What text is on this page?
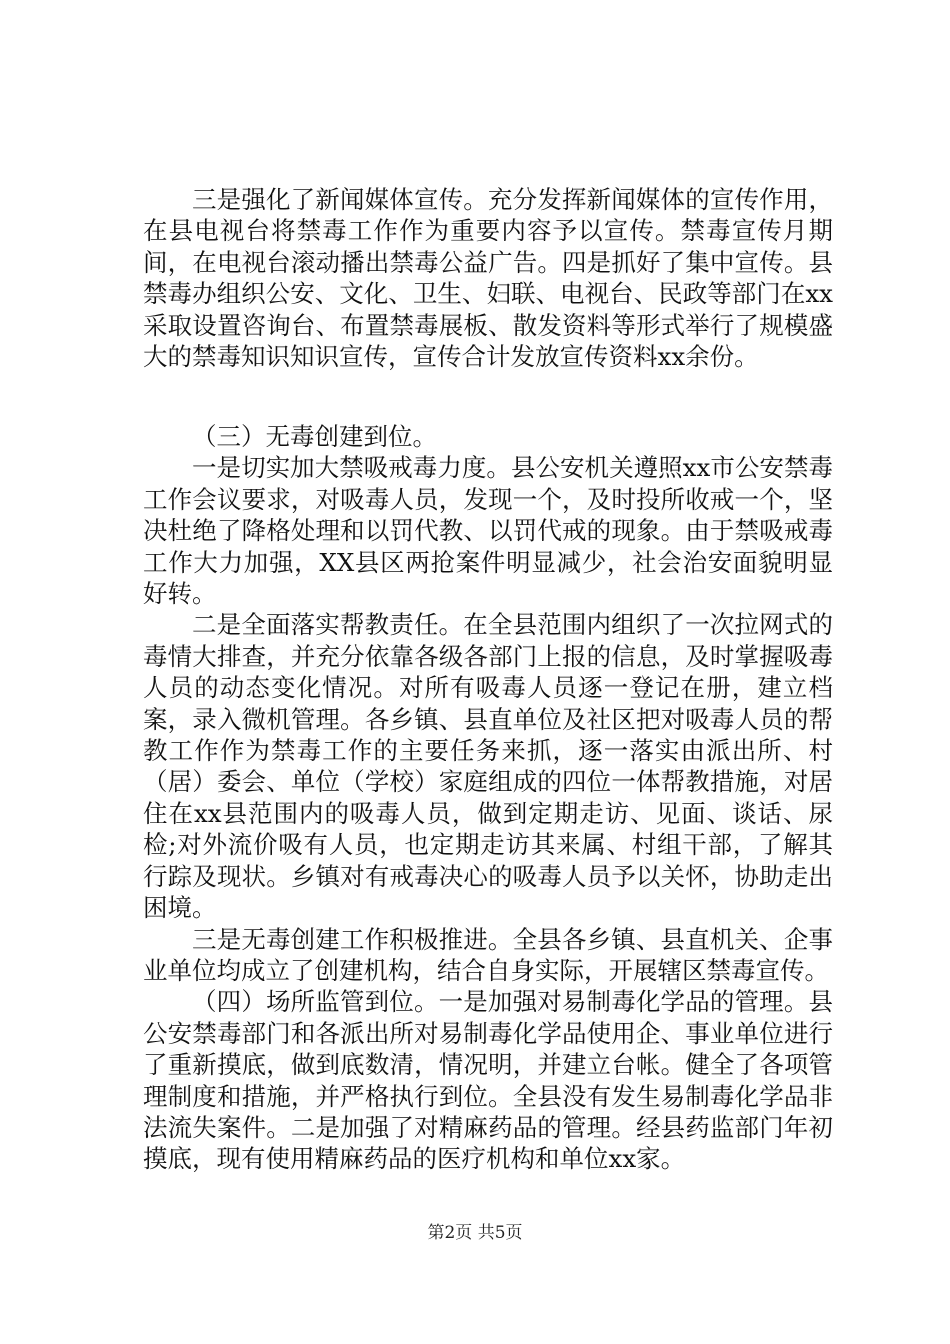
三是强化了新闻媒体宣传。充分发挥新闻媒体的宣传作用，在县电视台将禁毒工作作为重要内容予以宣传。禁毒宣传月期间，在电视台滚动播出禁毒公益广告。四是抓好了集中宣传。县禁毒办组织公安、文化、卫生、妇联、电视台、民政等部门在xx采取设置咨询台、布置禁毒展板、散发资料等形式举行了规模盛大的禁毒知识知识宣传，宣传合计发放宣传资料xx余份。

（三）无毒创建到位。

一是切实加大禁吸戒毒力度。县公安机关遵照xx市公安禁毒工作会议要求，对吸毒人员，发现一个，及时投所收戒一个，坚决杜绝了降格处理和以罚代教、以罚代戒的现象。由于禁吸戒毒工作大力加强，XX县区两抢案件明显减少，社会治安面貌明显好转。

二是全面落实帮教责任。在全县范围内组织了一次拉网式的毒情大排查，并充分依靠各级各部门上报的信息，及时掌握吸毒人员的动态变化情况。对所有吸毒人员逐一登记在册，建立档案，录入微机管理。各乡镇、县直单位及社区把对吸毒人员的帮教工作作为禁毒工作的主要任务来抓，逐一落实由派出所、村（居）委会、单位（学校）家庭组成的四位一体帮教措施，对居住在xx县范围内的吸毒人员，做到定期走访、见面、谈话、尿检;对外流价吸有人员，也定期走访其来属、村组干部，了解其行踪及现状。乡镇对有戒毒决心的吸毒人员予以关怀，协助走出困境。

三是无毒创建工作积极推进。全县各乡镇、县直机关、企事业单位均成立了创建机构，结合自身实际，开展辖区禁毒宣传。

（四）场所监管到位。一是加强对易制毒化学品的管理。县公安禁毒部门和各派出所对易制毒化学品使用企、事业单位进行了重新摸底，做到底数清，情况明，并建立台帐。健全了各项管理制度和措施，并严格执行到位。全县没有发生易制毒化学品非法流失案件。二是加强了对精麻药品的管理。经县药监部门年初摸底，现有使用精麻药品的医疗机构和单位xx家。

第2页 共5页
